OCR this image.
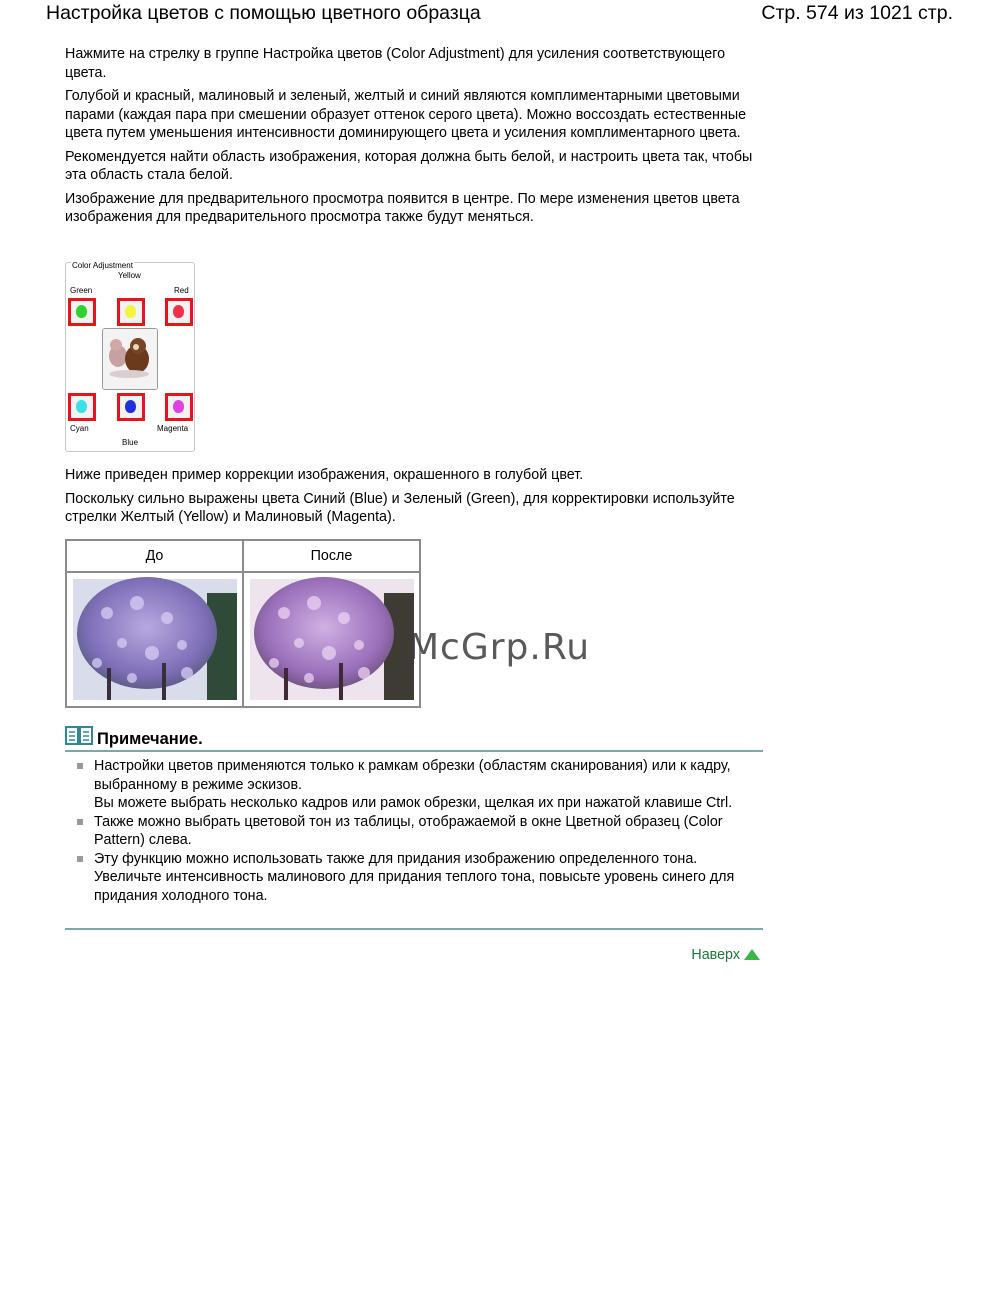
Настройка цветов с помощью цветного образца	Стр. 574 из 1021 стр.

Нажмите на стрелку в группе Настройка цветов (Color Adjustment) для усиления соответствующего цвета.

Голубой и красный, малиновый и зеленый, желтый и синий являются комплиментарными цветовыми парами (каждая пара при смешении образует оттенок серого цвета). Можно воссоздать естественные цвета путем уменьшения интенсивности доминирующего цвета и усиления комплиментарного цвета.

Рекомендуется найти область изображения, которая должна быть белой, и настроить цвета так, чтобы эта область стала белой.

Изображение для предварительного просмотра появится в центре. По мере изменения цветов цвета изображения для предварительного просмотра также будут меняться.

Color Adjustment
Yellow
Green	Red
Cyan	Magenta
Blue

Ниже приведен пример коррекции изображения, окрашенного в голубой цвет.

Поскольку сильно выражены цвета Синий (Blue) и Зеленый (Green), для корректировки используйте стрелки Желтый (Yellow) и Малиновый (Magenta).

До	После

McGrp.Ru
Примечание.
Настройки цветов применяются только к рамкам обрезки (областям сканирования) или к кадру, выбранному в режиме эскизов.
Вы можете выбрать несколько кадров или рамок обрезки, щелкая их при нажатой клавише Ctrl.
Также можно выбрать цветовой тон из таблицы, отображаемой в окне Цветной образец (Color Pattern) слева.
Эту функцию можно использовать также для придания изображению определенного тона.
Увеличьте интенсивность малинового для придания теплого тона, повысьте уровень синего для придания холодного тона.
Наверх
